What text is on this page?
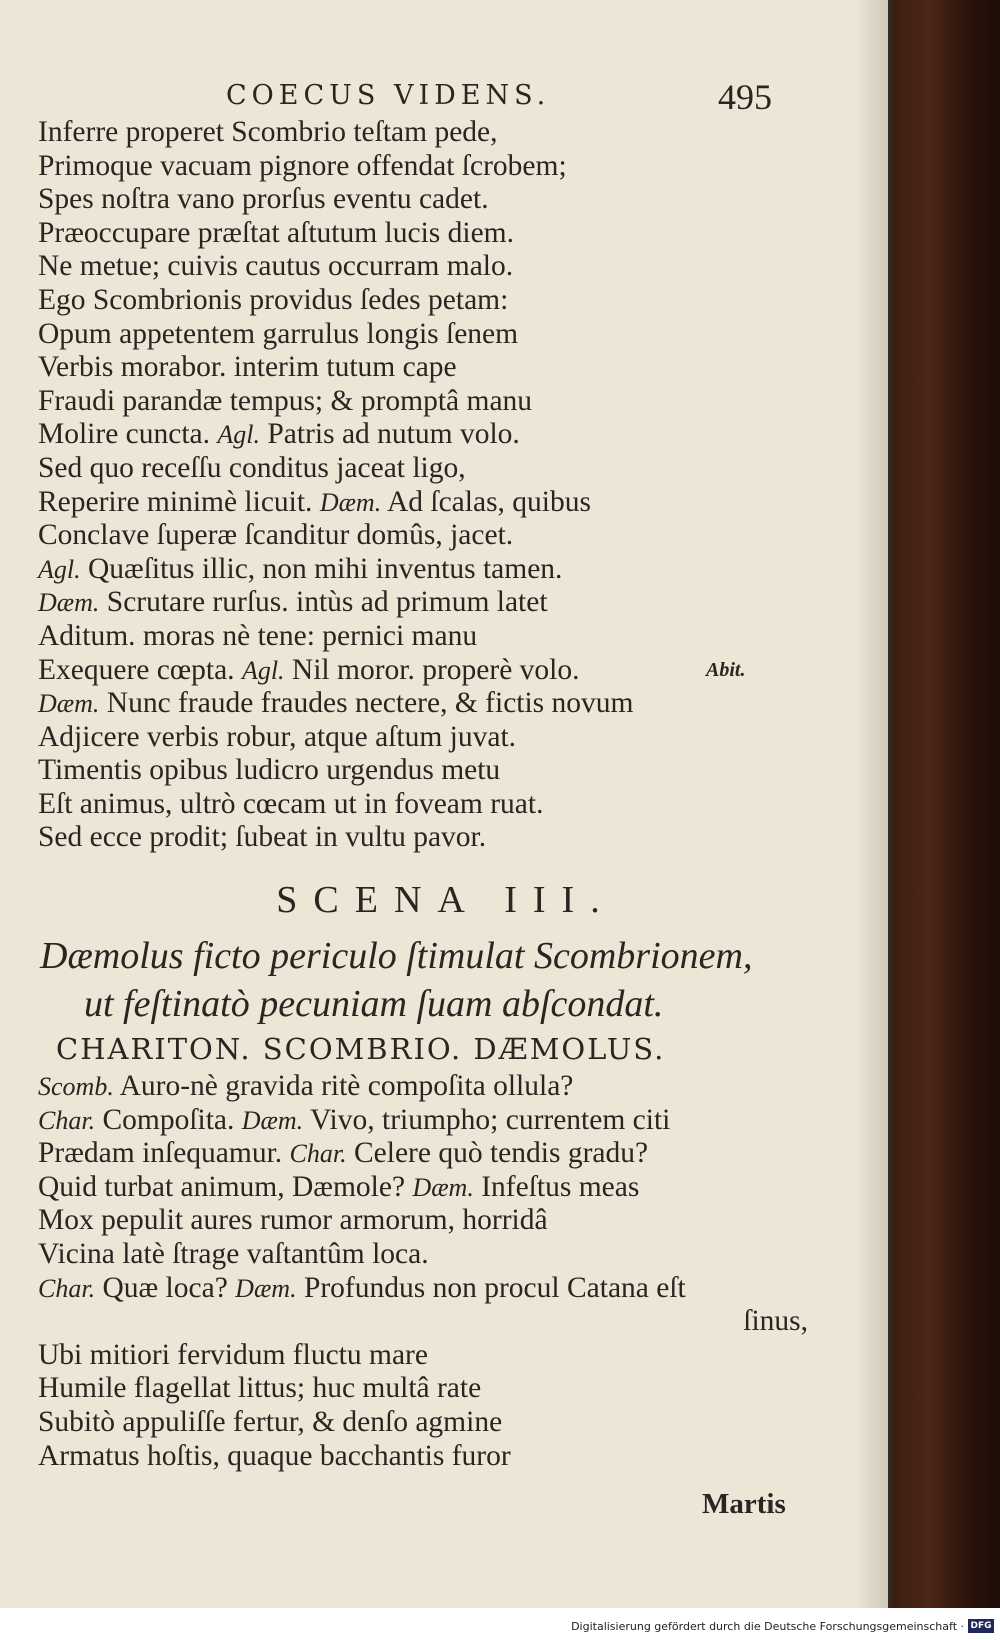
COECUS VIDENS.	495
Inferre properet Scombrio teſtam pede,
Primoque vacuam pignore offendat ſcrobem;
Spes noſtra vano prorſus eventu cadet.
Præoccupare præſtat aſtutum lucis diem.
Ne metue; cuivis cautus occurram malo.
Ego Scombrionis providus ſedes petam:
Opum appetentem garrulus longis ſenem
Verbis morabor. interim tutum cape
Fraudi parandæ tempus; & promptâ manu
Molire cuncta. Agl. Patris ad nutum volo.
Sed quo receſſu conditus jaceat ligo,
Reperire minimè licuit. Dæm. Ad ſcalas, quibus
Conclave ſuperæ ſcanditur domûs, jacet.
Agl. Quæſitus illic, non mihi inventus tamen.
Dæm. Scrutare rurſus. intùs ad primum latet
Aditum. moras nè tene: pernici manu
Exequere cœpta. Agl. Nil moror. properè volo.	Abit.
Dæm. Nunc fraude fraudes nectere, & fictis novum
Adjicere verbis robur, atque aſtum juvat.
Timentis opibus ludicro urgendus metu
Eſt animus, ultrò cœcam ut in foveam ruat.
Sed ecce prodit; ſubeat in vultu pavor.
SCENA III.
Dæmolus ficto periculo ſtimulat Scombrionem,
ut feſtinatò pecuniam ſuam abſcondat.
CHARITON. SCOMBRIO. DÆMOLUS.
Scomb. Auro-nè gravida ritè compoſita ollula?
Char. Compoſita. Dæm. Vivo, triumpho; currentem citi
Prædam inſequamur. Char. Celere quò tendis gradu?
Quid turbat animum, Dæmole? Dæm. Infeſtus meas
Mox pepulit aures rumor armorum, horridâ
Vicina latè ſtrage vaſtantûm loca.
Char. Quæ loca? Dæm. Profundus non procul Catana eſt
ſinus,
Ubi mitiori fervidum fluctu mare
Humile flagellat littus; huc multâ rate
Subitò appuliſſe fertur, & denſo agmine
Armatus hoſtis, quaque bacchantis furor
Martis
Digitalisierung gefördert durch die Deutsche Forschungsgemeinschaft · DFG
